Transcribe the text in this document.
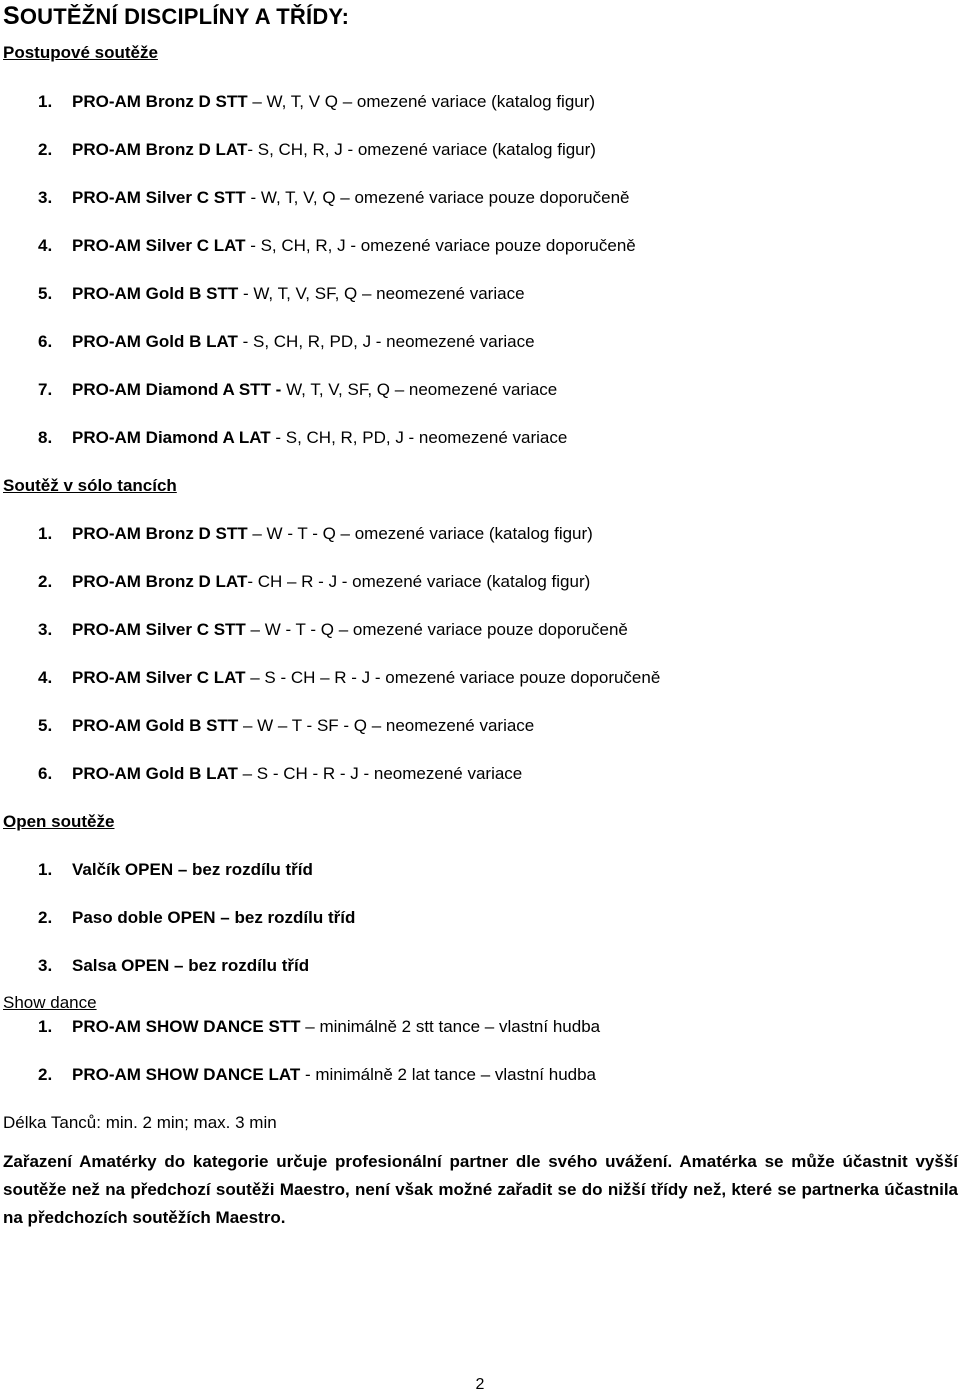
SOUTĚŽNÍ DISCIPLÍNY A TŘÍDY:
Postupové soutěže
1. PRO-AM Bronz D STT – W, T, V Q – omezené variace (katalog figur)
2. PRO-AM Bronz D LAT- S, CH, R, J - omezené variace (katalog figur)
3. PRO-AM Silver C STT - W, T, V, Q – omezené variace pouze doporučeně
4. PRO-AM Silver C LAT - S, CH, R, J - omezené variace pouze doporučeně
5. PRO-AM Gold B STT - W, T, V, SF, Q – neomezené variace
6. PRO-AM Gold B LAT - S, CH, R, PD, J - neomezené variace
7. PRO-AM Diamond A STT - W, T, V, SF, Q – neomezené variace
8. PRO-AM Diamond A LAT - S, CH, R, PD, J - neomezené variace
Soutěž v sólo tancích
1. PRO-AM Bronz D STT – W - T - Q – omezené variace (katalog figur)
2. PRO-AM Bronz D LAT- CH – R - J - omezené variace (katalog figur)
3. PRO-AM Silver C STT – W - T - Q – omezené variace pouze doporučeně
4. PRO-AM Silver C LAT – S - CH – R - J - omezené variace pouze doporučeně
5. PRO-AM Gold B STT – W – T - SF - Q – neomezené variace
6. PRO-AM Gold B LAT – S - CH - R - J - neomezené variace
Open soutěže
1. Valčík OPEN – bez rozdílu tříd
2. Paso doble OPEN – bez rozdílu tříd
3. Salsa OPEN – bez rozdílu tříd
Show dance
1. PRO-AM SHOW DANCE STT – minimálně 2 stt tance – vlastní hudba
2. PRO-AM SHOW DANCE LAT - minimálně 2 lat tance – vlastní hudba
Délka Tanců: min. 2 min; max. 3 min
Zařazení Amatérky do kategorie určuje profesionální partner dle svého uvážení. Amatérka se může účastnit vyšší soutěže než na předchozí soutěži Maestro, není však možné zařadit se do nižší třídy než, které se partnerka účastnila na předchozích soutěžích Maestro.
2
